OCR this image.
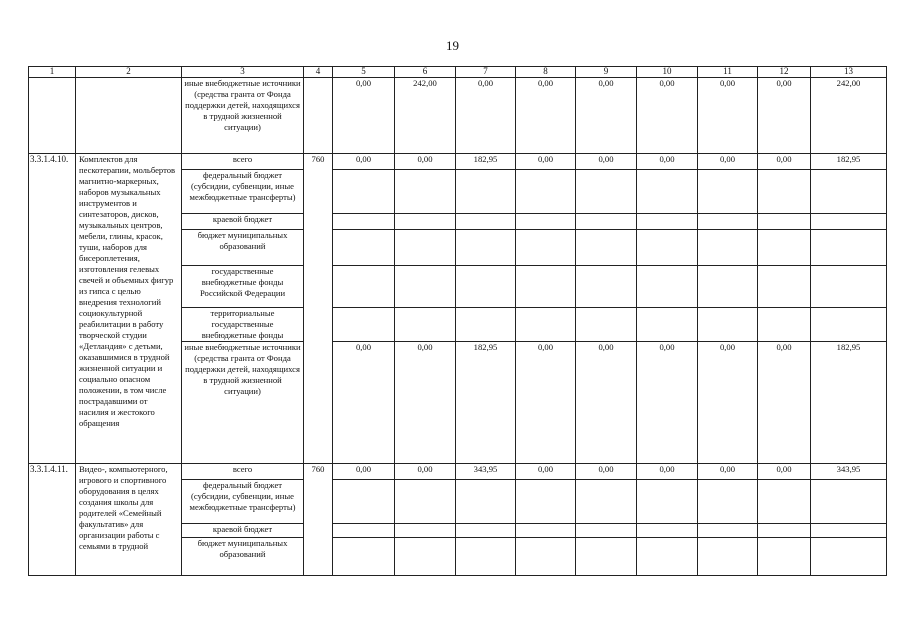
19
1	2	3	4	5	6	7	8	9	10	11	12	13
		иные внебюджетные источники (средства гранта от Фонда поддержки детей, находящихся в трудной жизненной ситуации)		0,00	242,00	0,00	0,00	0,00	0,00	0,00	0,00	242,00
3.3.1.4.10.	Комплектов для пескотерапии, мольбертов магнитно-маркерных, наборов музыкальных инструментов и синтезаторов, дисков, музыкальных центров, мебели, глины, красок, туши, наборов для бисероплетения, изготовления гелевых свечей и объемных фигур из гипса с целью внедрения технологий социокультурной реабилитации в работу творческой студии «Детландия» с детьми, оказавшимися в трудной жизненной ситуации и социально опасном положении, в том числе пострадавшими от насилия и жестокого обращения	всего	760	0,00	0,00	182,95	0,00	0,00	0,00	0,00	0,00	182,95
		федеральный бюджет (субсидии, субвенции, иные межбюджетные трансферты)										
		краевой бюджет										
		бюджет муниципальных образований										
		государственные внебюджетные фонды Российской Федерации										
		территориальные государственные внебюджетные фонды										
		иные внебюджетные источники (средства гранта от Фонда поддержки детей, находящихся в трудной жизненной ситуации)		0,00	0,00	182,95	0,00	0,00	0,00	0,00	0,00	182,95
3.3.1.4.11.	Видео-, компьютерного, игрового и спортивного оборудования в целях создания школы для родителей «Семейный факультатив» для организации работы с семьями в трудной	всего	760	0,00	0,00	343,95	0,00	0,00	0,00	0,00	0,00	343,95
		федеральный бюджет (субсидии, субвенции, иные межбюджетные трансферты)										
		краевой бюджет										
		бюджет муниципальных образований										
